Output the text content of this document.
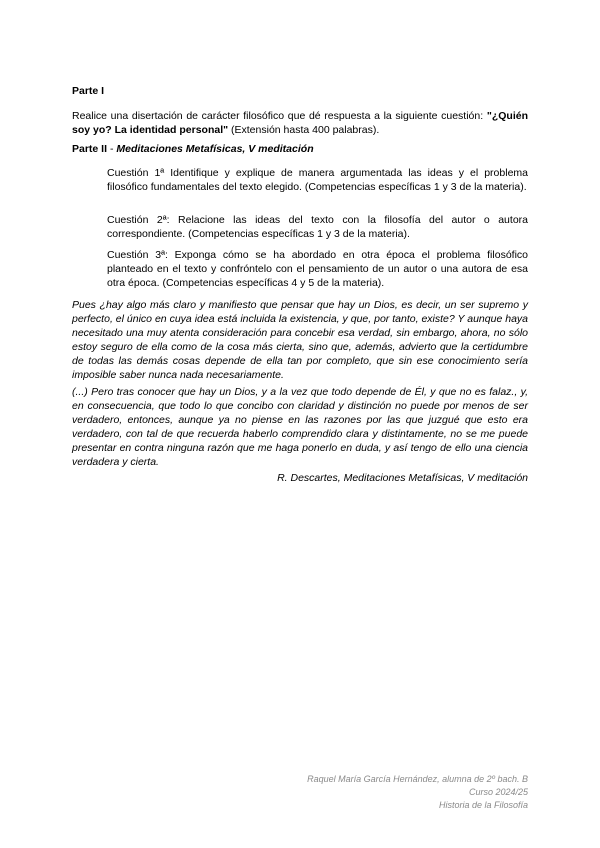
Parte I
Realice una disertación de carácter filosófico que dé respuesta a la siguiente cuestión: "¿Quién soy yo? La identidad personal" (Extensión hasta 400 palabras).
Parte II - Meditaciones Metafísicas, V meditación

Cuestión 1ª Identifique y explique de manera argumentada las ideas y el problema filosófico fundamentales del texto elegido. (Competencias específicas 1 y 3 de la materia).

Cuestión 2ª: Relacione las ideas del texto con la filosofía del autor o autora correspondiente. (Competencias específicas 1 y 3 de la materia).

Cuestión 3ª: Exponga cómo se ha abordado en otra época el problema filosófico planteado en el texto y confróntelo con el pensamiento de un autor o una autora de esa otra época. (Competencias específicas 4 y 5 de la materia).

Pues ¿hay algo más claro y manifiesto que pensar que hay un Dios, es decir, un ser supremo y perfecto, el único en cuya idea está incluida la existencia, y que, por tanto, existe? Y aunque haya necesitado una muy atenta consideración para concebir esa verdad, sin embargo, ahora, no sólo estoy seguro de ella como de la cosa más cierta, sino que, además, advierto que la certidumbre de todas las demás cosas depende de ella tan por completo, que sin ese conocimiento sería imposible saber nunca nada necesariamente.

(...) Pero tras conocer que hay un Dios, y a la vez que todo depende de Él, y que no es falaz., y, en consecuencia, que todo lo que concibo con claridad y distinción no puede por menos de ser verdadero, entonces, aunque ya no piense en las razones por las que juzgué que esto era verdadero, con tal de que recuerda haberlo comprendido clara y distintamente, no se me puede presentar en contra ninguna razón que me haga ponerlo en duda, y así tengo de ello una ciencia verdadera y cierta.

R. Descartes, Meditaciones Metafísicas, V meditación
Raquel María García Hernández, alumna de 2º bach. B
Curso 2024/25
Historia de la Filosofía
